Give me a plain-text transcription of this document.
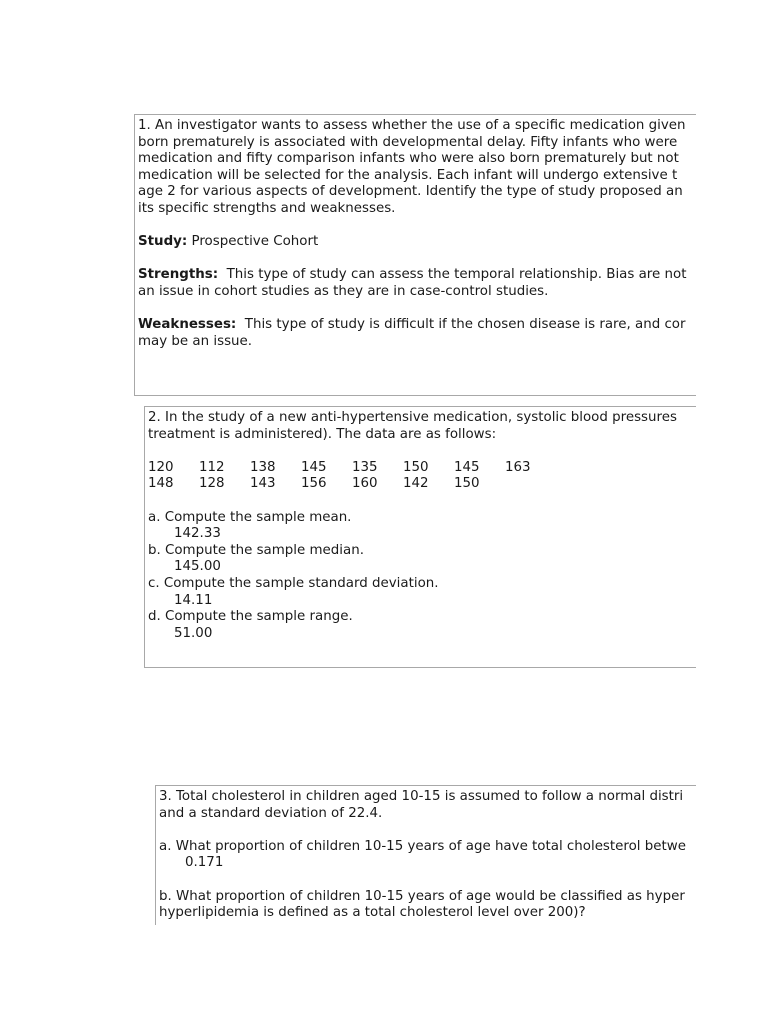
1. An investigator wants to assess whether the use of a specific medication given
born prematurely is associated with developmental delay. Fifty infants who were
medication and fifty comparison infants who were also born prematurely but not
medication will be selected for the analysis. Each infant will undergo extensive t
age 2 for various aspects of development. Identify the type of study proposed an
its specific strengths and weaknesses.
Study: Prospective Cohort
Strengths:  This type of study can assess the temporal relationship. Bias are not
an issue in cohort studies as they are in case-control studies.
Weaknesses:  This type of study is difficult if the chosen disease is rare, and cor
may be an issue.
2. In the study of a new anti-hypertensive medication, systolic blood pressures
treatment is administered). The data are as follows:
120	112	138	145	135	150	145	163
148	128	143	156	160	142	150
a. Compute the sample mean.
142.33
b. Compute the sample median.
145.00
c. Compute the sample standard deviation.
14.11
d. Compute the sample range.
51.00
3. Total cholesterol in children aged 10-15 is assumed to follow a normal distri
and a standard deviation of 22.4.
a. What proportion of children 10-15 years of age have total cholesterol betwe
0.171
b. What proportion of children 10-15 years of age would be classified as hyper
hyperlipidemia is defined as a total cholesterol level over 200)?
